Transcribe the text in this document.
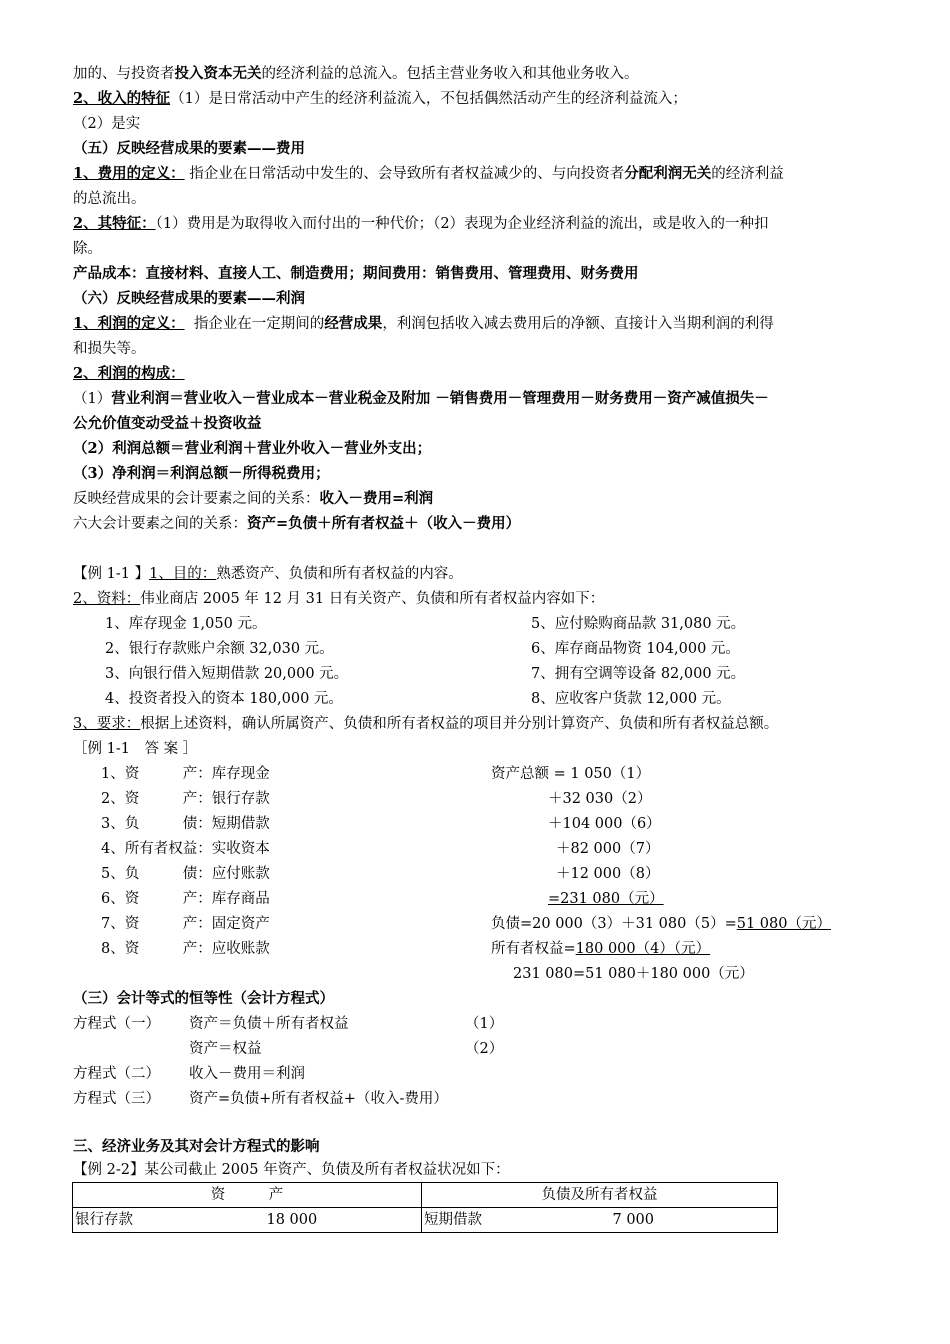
加的、与投资者投入资本无关的经济利益的总流入。包括主营业务收入和其他业务收入。
2、收入的特征（1）是日常活动中产生的经济利益流入，不包括偶然活动产生的经济利益流入；
（2）是实
（五）反映经营成果的要素——费用
1、费用的定义： 指企业在日常活动中发生的、会导致所有者权益减少的、与向投资者分配利润无关的经济利益
的总流出。
2、其特征：（1）费用是为取得收入而付出的一种代价；（2）表现为企业经济利益的流出，或是收入的一种扣
除。
产品成本：直接材料、直接人工、制造费用；期间费用：销售费用、管理费用、财务费用
（六）反映经营成果的要素——利润
1、利润的定义： 指企业在一定期间的经营成果，利润包括收入减去费用后的净额、直接计入当期利润的利得
和损失等。
2、利润的构成：
（1）营业利润＝营业收入－营业成本－营业税金及附加 －销售费用－管理费用－财务费用－资产减值损失－
公允价值变动受益＋投资收益
（2）利润总额＝营业利润＋营业外收入－营业外支出；
（3）净利润＝利润总额－所得税费用；
反映经营成果的会计要素之间的关系：收入－费用=利润
六大会计要素之间的关系：资产=负债＋所有者权益＋（收入－费用）
【例 1-1 】1、目的：熟悉资产、负债和所有者权益的内容。
2、资料：伟业商店 2005 年 12 月 31 日有关资产、负债和所有者权益内容如下：
1、库存现金 1,050 元。
2、银行存款账户余额 32,030 元。
3、向银行借入短期借款 20,000 元。
4、投资者投入的资本 180,000 元。
5、应付赊购商品款 31,080 元。
6、库存商品物资 104,000 元。
7、拥有空调等设备 82,000 元。
8、应收客户货款 12,000 元。
3、要求：根据上述资料，确认所属资产、负债和所有者权益的项目并分别计算资产、负债和所有者权益总额。
［例 1-1　答 案 ］
1、资　　　产：库存现金
2、资　　　产：银行存款
3、负　　　债：短期借款
4、所有者权益：实收资本
5、负　　　债：应付账款
6、资　　　产：库存商品
7、资　　　产：固定资产
8、资　　　产：应收账款
资产总额 = 1 050（1）
＋32 030（2）
＋104 000（6）
＋82 000（7）
＋12 000（8）
=231 080（元）
负债=20 000（3）＋31 080（5）=51 080（元）
所有者权益=180 000（4）（元）
231 080=51 080＋180 000（元）
（三）会计等式的恒等性（会计方程式）
方程式（一） 资产＝负债＋所有者权益	（1）
资产＝权益	（2）
方程式（二） 收入－费用＝利润
方程式（三） 资产=负债+所有者权益+（收入-费用）
三、经济业务及其对会计方程式的影响
【例 2-2】某公司截止 2005 年资产、负债及所有者权益状况如下：
资　　　产	负债及所有者权益
银行存款 18 000	短期借款 7 000
